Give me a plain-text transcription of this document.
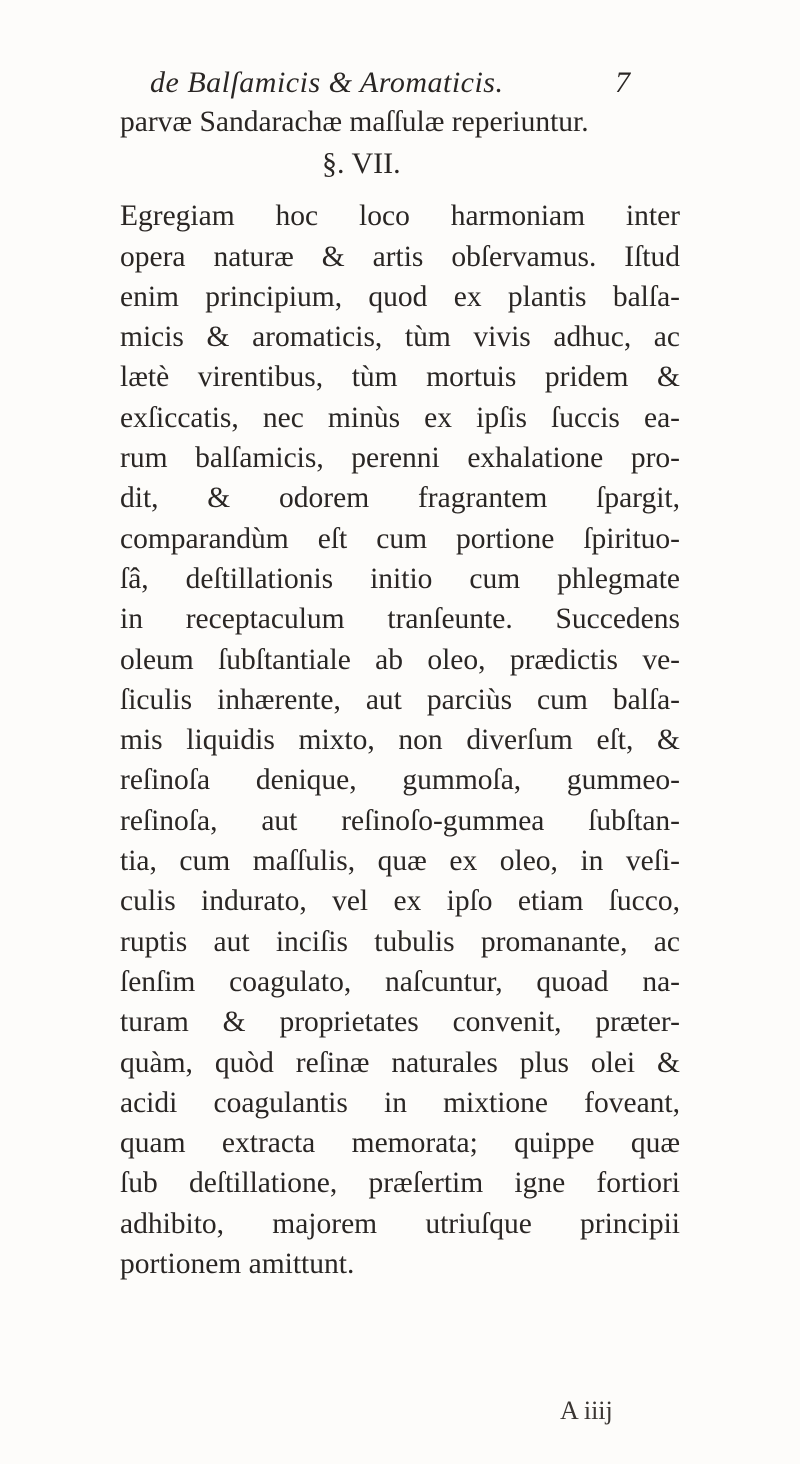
de Balſamicis & Aromaticis.	7
parvæ Sandarachæ maſſulæ reperiuntur.
§. VII.
Egregiam hoc loco harmoniam inter
opera naturæ & artis obſervamus. Iſtud
enim principium, quod ex plantis balſa-
micis & aromaticis, tùm vivis adhuc, ac
lætè virentibus, tùm mortuis pridem &
exſiccatis, nec minùs ex ipſis ſuccis ea-
rum balſamicis, perenni exhalatione pro-
dit, & odorem fragrantem ſpargit,
comparandùm eſt cum portione ſpirituo-
ſâ, deſtillationis initio cum phlegmate
in receptaculum tranſeunte. Succedens
oleum ſubſtantiale ab oleo, prædictis ve-
ſiculis inhærente, aut parciùs cum balſa-
mis liquidis mixto, non diverſum eſt, &
reſinoſa denique, gummoſa, gummeo-
reſinoſa, aut reſinoſo-gummea ſubſtan-
tia, cum maſſulis, quæ ex oleo, in veſi-
culis indurato, vel ex ipſo etiam ſucco,
ruptis aut inciſis tubulis promanante, ac
ſenſim coagulato, naſcuntur, quoad na-
turam & proprietates convenit, præter-
quàm, quòd reſinæ naturales plus olei &
acidi coagulantis in mixtione foveant,
quam extracta memorata; quippe quæ
ſub deſtillatione, præſertim igne fortiori
adhibito, majorem utriuſque principii
portionem amittunt.
A iiij
